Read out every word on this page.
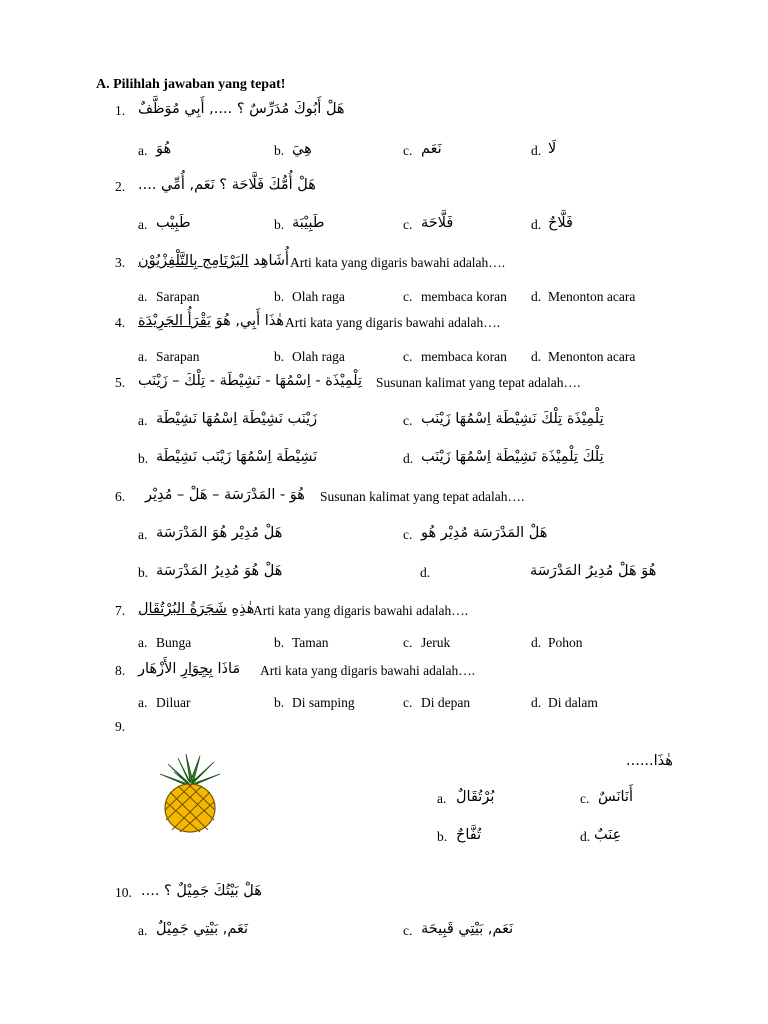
A. Pilihlah jawaban yang tepat!
1. هَلْ أَبُوكَ مُدَرِّسٌ ؟ ...., أَبِي مُوَظَّفٌ
a. هُوَ	b. هِيَ	c. نَعَم	d. لَا
2. هَلْ أُمُّكَ فَلَّاحَة ؟ نَعَم, أُمِّي ....
a. طَبِيْب	b. طَبِيْبَة	c. فَلَّاحَة	d. فَلَّاحٌ
3.	أُشَاهِد البَرْنَامِج بِالتَّلْفِزْيُوْن	Arti kata yang digaris bawahi adalah….
a. Sarapan	b. Olah raga	c. membaca koran d. Menonton acara
4.	هٰذَا أَبِي, هُوَ يَقْرَأُ الجَرِيْدَة	Arti kata yang digaris bawahi adalah….
a. Sarapan	b. Olah raga	c. membaca koran d. Menonton acara
5. تِلْمِيْذَة - اِسْمُهَا - نَشِيْطَة - تِلْكَ – زَيْنَب Susunan kalimat yang tepat adalah….
a. زَيْنَب نَشِيْطَة اِسْمُهَا نَشِيْطَة	c. تِلْمِيْذَة تِلْكَ نَشِيْطَة اِسْمُهَا زَيْنَب
b. نَشِيْطَة اِسْمُهَا زَيْنَب نَشِيْطَة	d. تِلْكَ تِلْمِيْذَة نَشِيْطَة اِسْمُهَا زَيْنَب
6. هُوَ - المَدْرَسَة – هَلْ – مُدِيْر Susunan kalimat yang tepat adalah….
a. هَلْ مُدِيْر هُوَ المَدْرَسَة	c. هَلْ المَدْرَسَة مُدِيْر هُو
b. هَلْ هُوَ مُدِيرُ المَدْرَسَة	d.	هُوَ هَلْ مُدِيرُ المَدْرَسَة
7.	هٰذِهِ شَجَرَةُ البُرْتُقَال	Arti kata yang digaris bawahi adalah….
a. Bunga	b. Taman	c. Jeruk	d. Pohon
8.	مَاذَا بِجِوَارِ الأَزْهَار	Arti kata yang digaris bawahi adalah….
a. Diluar	b. Di samping	c. Di depan	d. Di dalam
9.
هٰذَا......
a. بُرْتُقَالٌ	c. أَنَانَسٌ
b. تُفَّاحٌ	d. عِنَبٌ
10. هَلْ بَيْتُكَ جَمِيْلٌ ؟ ....
a. نَعَم, بَيْتِي جَمِيْلٌ	c. نَعَم, بَيْتِي قَبِيحَة
